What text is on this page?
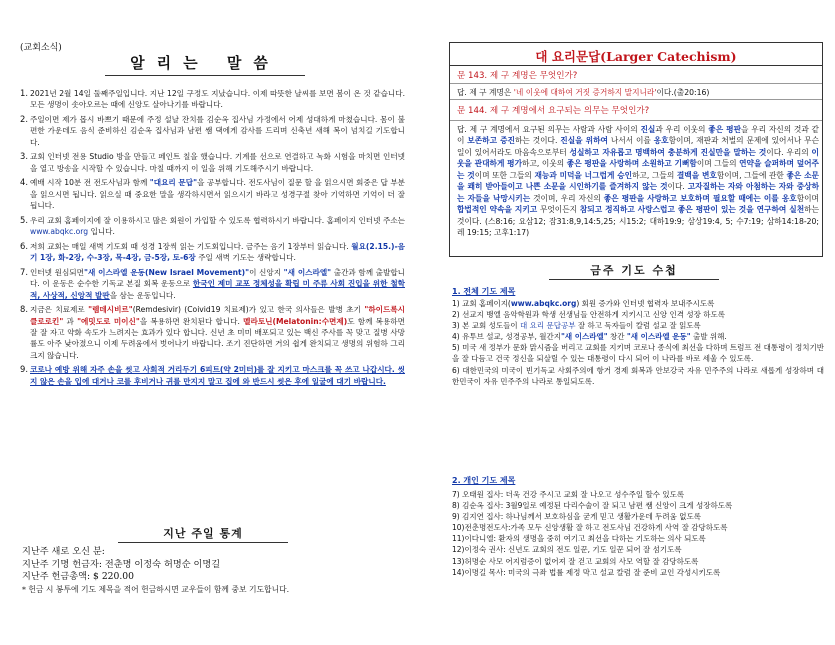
(교회소식)
알리는 말씀
1. 2021년 2월 14일 둘째주일입니다. 지난 12일 구정도 지났습니다. 이제 따뜻한 날씨를 보면 봄이 온 것 같습니다. 모든 생명이 솟아오르는 때에 신앙도 살아나기를 바랍니다.
2. 주일이면 제가 몹시 바쁘기 때문에 주정 설날 잔치를 김순옥 집사님 가정에서 어제 성대하게 마쳤습니다. 몸이 불편한 가운데도 음식 준비하신 김순옥 집사님과 남편 쌤 댁에게 감사를 드리며 신축년 새해 복이 넘치길 기도합니다.
3. 교회 인터넷 전용 Studio 방을 만들고 페인트 칠을 했습니다. 기계를 선으로 연결하고 녹화 시험을 마치면 인터넷을 열고 방송을 시작할 수 있습니다. 마칠 때까지 이 일을 위해 기도해주시기 바랍니다.
4. 예배 시작 10분 전 전도사님과 함께 "대요리 문답"을 공부합니다. 전도사님이 질문 할 을 읽으시면 회중은 답 부분을 읽으시면 됩니다. 읽으실 때 중요한 말을 생각하시면서 읽으시기 바라고 성경구절 찾아 기억하면 기억이 더 잘 됩니다.
5. 우리 교회 홈페이지에 잘 이용하시고 많은 회원이 가입할 수 있도록 협력하시기 바랍니다. 홈페이지 인터넷 주소는 www.abqkc.org 입니다.
6. 저희 교회는 매일 새벽 기도회 때 성경 1장씩 읽는 기도회입니다. 금주는 음기 1장부터 읽습니다. 월요(2.15.)-음기 1장, 화-2장, 수-3장, 목-4장, 금-5장, 토-6장 주일 새벽 기도는 생략합니다.
7. 인터넷 원심되면"새 이스라엘 운동(New Israel Movement)"이 신앙지 "새 이스라엘" 출간과 함께 출발합니다. 이 운동은 순수한 기독교 본질 회복 운동으로 한국인 제미 교포 정체성을 확립 미 주류 사회 진입을 위한 철학적, 사상적, 신앙적 발판을 삼는 운동입니다.
8. 지금은 치료제로 "렘데시비르"(Remdesivir) (Coivid19 치료제)가 있고 한국 의사들은 발병 초기 "하이드록시 클로로킨" 과 "에밋도로 미이신"을 복용하면 완치된다 합니다. 멜라토닌(Melatonin:수면제)도 함께 복용하면 잘 잘 자고 약화 속도가 느려지는 효과가 있다 합니다. 신년 초 미미 배포되고 있는 백신 주사를 꼭 맞고 질병 사망률도 아주 낮아졌으니 이제 두려움에서 벗어나기 바랍니다. 조기 진단하면 거의 쉽게 완치되고 생명의 위험하 그리 크지 않습니다.
9. 코로나 예방 위해 자주 손을 씻고 사회적 거리두기 6피트(약 2미터)를 잘 지키고 마스크를 꼭 쓰고 나갑시다. 씻지 않은 손을 입에 대거나 코를 후비거나 귀를 만지지 말고 집에 와 반드시 씻은 후에 일굴에 대기 바랍니다.
지난 주일 통계
지난주 새로 오신 분:
지난주 기명 헌금자: 전춘명 이정숙 허명순 이명길
지난주 헌금총액: $ 220.00
* 헌금 시 봉투에 기도 제목을 적어 헌금하시면 교우들이 함께 중보 기도합니다.
대 요리문답(Larger Catechism)
문 143. 제 구 계명은 무엇인가?
답. 제 구 계명은 '네 이웃에 대하여 거짓 증거하지 말지니라'이다.(출20:16)
문 144. 제 구 계명에서 요구되는 의무는 무엇인가?
답. 제 구 계명에서 요구된 의무는 사람과 사람 사이의 진실과 우리 이웃의 좋은 평판을 우리 자신의 것과 같이 보존하고 증진하는 것이다. 진실을 위하여 나서서 이를 옹호함이며, 재판과 처벌의 문제에 있어서나 무슨 일이 있어서라도 마음속으로부터 성실하고 자유롭고 명백하여 충분하게 진실만을 말하는 것이다. 우리의 이웃을 관대하게 평가하고, 이웃의 좋은 평판을 사랑하며 소원하고 기뻐함이며 그들의 연약을 슬퍼하며 덮어주는 것이며 또한 그들의 재능과 미덕을 너그럽게 승인하고, 그들의 결백을 변호함이며, 그들에 관한 좋은 소문을 쾌히 받아들이고 나쁜 소문을 시인하기를 즐겨하지 않는 것이다. 고자질하는 자와 아첨하는 자와 중상하는 자들을 낙망시키는 것이며, 우리 자신의 좋은 평판을 사랑하고 보호하며 필요할 때에는 이를 옹호함이며 합법적인 약속을 지키고 무엇이든지 참되고 정직하고 사랑스럽고 좋은 평판이 있는 것을 연구하여 실천하는 것이다. (스8:16; 요삼12; 잠31:8,9,14:5,25; 시15:2; 대하19:9; 삼상19:4, 5; 수7:19; 삼하14:18-20; 레 19:15; 고후1:17)
금주 기도 수첩
1. 전체 기도 제목
1) 교회 홈페이지(www.abqkc.org) 회원 증가와 인터넷 협력자 보내주시도록
2) 선교지 뱅엘 음악학원과 학생 선생님들 안전하게 지키시고 신앙 인격 성장 하도록
3) 본 교회 성도들이 대 요리 문답공부 잘 하고 독자들이 칼럼 설교 잘 읽도록
4) 유투브 설교, 성경공부, 월간지"새 이스라엘" 창간 "새 이스라엘 운동" 출발 위해.
5) 미국 새 정부가 문화 맑시즘을 버리고 교회를 지키며 코로나 종식에 최선을 다하며 트럼프 전 대통령이 정치기반을 잘 다듬고 건국 정신을 되살릴 수 있는 대통령이 다시 되어 이 나라를 바로 세울 수 있도록.
6) 대한민국의 미국이 빈기독교 사회주의에 항거 경제 회복과 안보강국 자유 민주주의 나라로 새롭게 성장하며 대한민국이 자유 민주주의 나라로 통일되도록.
2. 개인 기도 제목
7) 오태원 집사: 더욱 건강 주시고 교회 잘 나오고 성수주일 할수 있도록
8) 김순옥 집사: 3월9일로 예정된 다리수술이 잘 되고 남편 쌤 신앙이 크게 성장하도록
9) 김지연 집사: 하나님께서 보호하심을 굳게 믿고 생활가운데 두려움 없도록
10)전춘명전도사:가족 모두 신앙생활 잘 하고 전도사님 건강하게 사역 잘 감당하도록
11)이다니엘: 환자의 생명을 중히 여기고 최선을 다하는 기도하는 의사 되도록
12)이정숙 권사: 신년도 교회의 전도 일꾼, 기도 일꾼 되어 잘 섬기도록
13)허명순 사모 어지럼증이 없어져 잘 걷고 교회의 사모 역할 잘 감당하도록
14)이명길 목사: 미국의 극좌 법률 제정 막고 설교 칼럼 잘 준비 교인 각성시키도록
